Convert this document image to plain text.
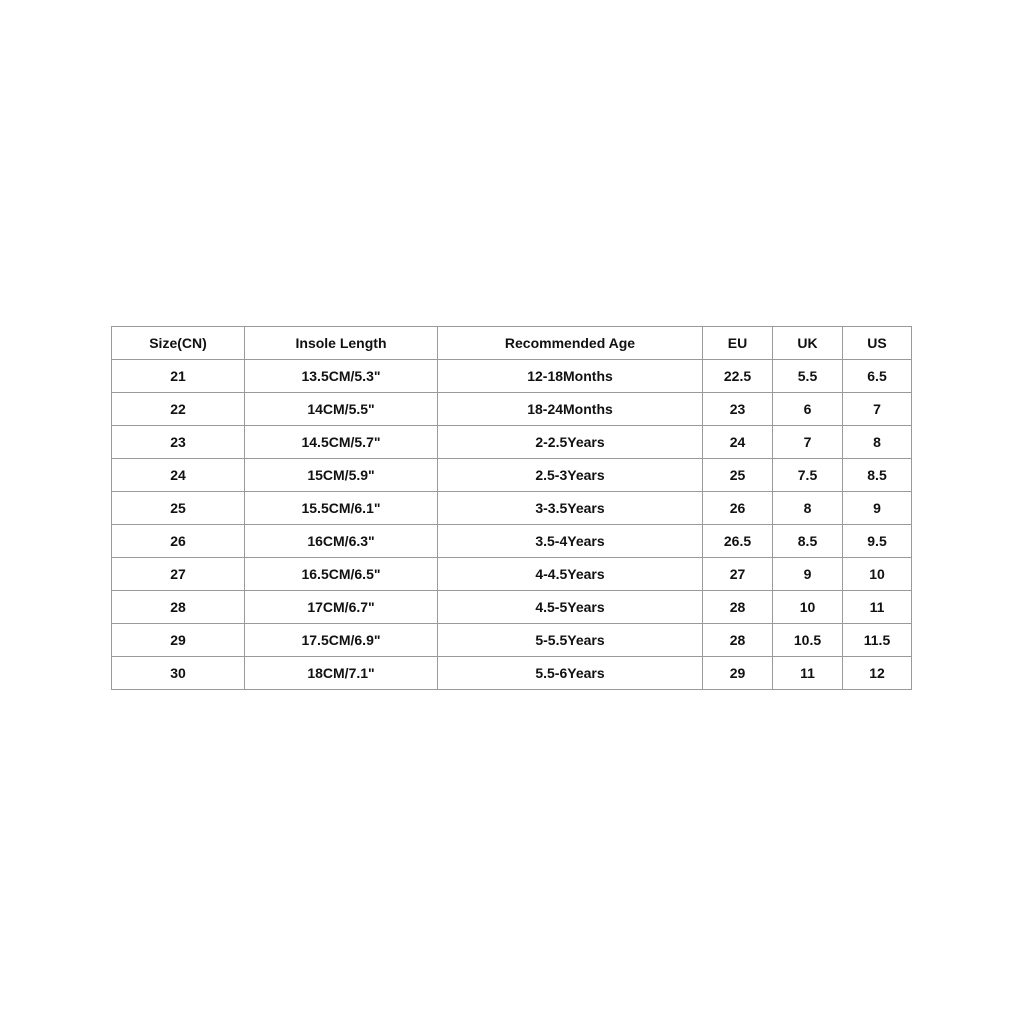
Size(CN)	Insole Length	Recommended Age	EU	UK	US
21	13.5CM/5.3"	12-18Months	22.5	5.5	6.5
22	14CM/5.5"	18-24Months	23	6	7
23	14.5CM/5.7"	2-2.5Years	24	7	8
24	15CM/5.9"	2.5-3Years	25	7.5	8.5
25	15.5CM/6.1"	3-3.5Years	26	8	9
26	16CM/6.3"	3.5-4Years	26.5	8.5	9.5
27	16.5CM/6.5"	4-4.5Years	27	9	10
28	17CM/6.7"	4.5-5Years	28	10	11
29	17.5CM/6.9"	5-5.5Years	28	10.5	11.5
30	18CM/7.1"	5.5-6Years	29	11	12
